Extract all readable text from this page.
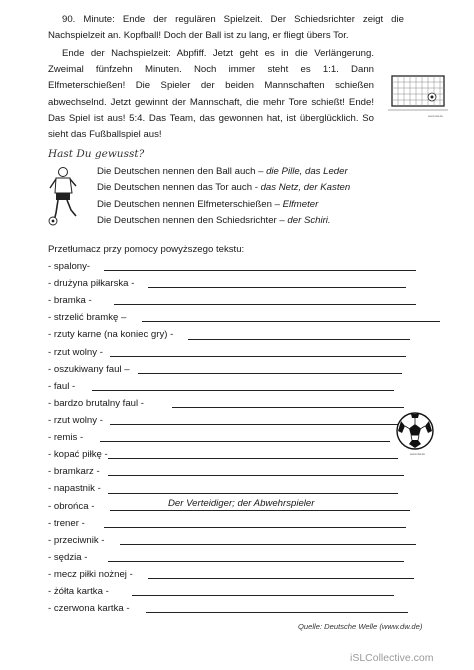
90. Minute: Ende der regulären Spielzeit. Der Schiedsrichter zeigt die Nachspielzeit an. Kopfball! Doch der Ball ist zu lang, er fliegt übers Tor.
Ende der Nachspielzeit: Abpfiff. Jetzt geht es in die Verlängerung. Zweimal fünfzehn Minuten. Noch immer steht es 1:1. Dann Elfmeterschießen! Die Spieler der beiden Mannschaften schießen abwechselnd. Jetzt gewinnt der Mannschaft, die mehr Tore schießt! Ende! Das Spiel ist aus! 5:4. Das Team, das gewonnen hat, ist überglücklich. So sieht das Fußballspiel aus!
www.dw.de
Hast Du gewusst?
Die Deutschen nennen den Ball auch – die Pille, das Leder
Die Deutschen nennen das Tor auch - das Netz, der Kasten
Die Deutschen nennen Elfmeterschießen – Elfmeter
Die Deutschen nennen den Schiedsrichter – der Schiri.
Przetłumacz przy pomocy powyższego tekstu:
- spalony-
- drużyna piłkarska -
- bramka -
- strzelić bramkę –
- rzuty karne (na koniec gry) -
- rzut wolny -
- oszukiwany faul –
- faul -
- bardzo brutalny faul -
- rzut wolny -
- remis -
- kopać piłkę -
- bramkarz -
- napastnik -
- obrońca -	Der Verteidiger; der Abwehrspieler
- trener -
- przeciwnik -
- sędzia -
- mecz piłki nożnej -
- żółta kartka -
- czerwona kartka -
www.dw.de
Quelle: Deutsche Welle (www.dw.de)
iSLCollective.com
